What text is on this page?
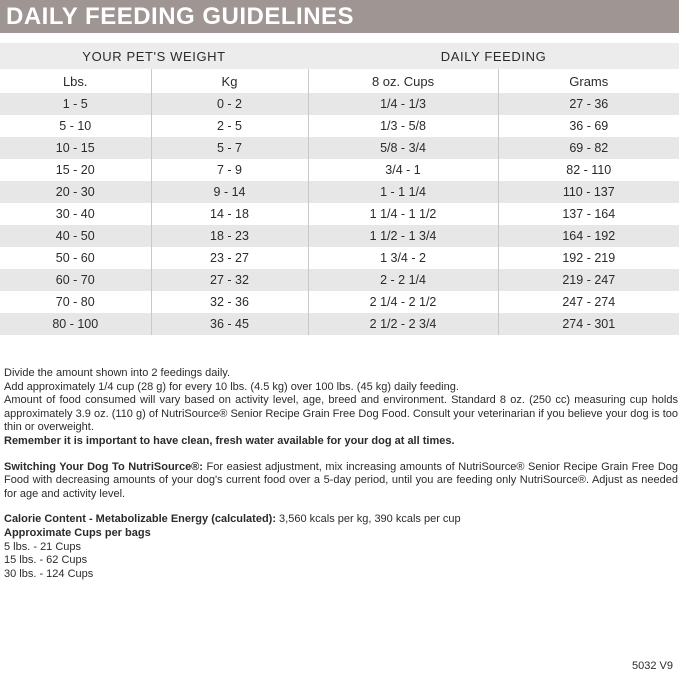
DAILY FEEDING GUIDELINES
YOUR PET'S WEIGHT		DAILY FEEDING	
Lbs.	Kg	8 oz. Cups	Grams
1 - 5	0 - 2	1/4 - 1/3	27 - 36
5 - 10	2 - 5	1/3 - 5/8	36 - 69
10 - 15	5 - 7	5/8 - 3/4	69 - 82
15 - 20	7 - 9	3/4 - 1	82 - 110
20 - 30	9 - 14	1 - 1 1/4	110 - 137
30 - 40	14 - 18	1 1/4 - 1 1/2	137 - 164
40 - 50	18 - 23	1 1/2 - 1 3/4	164 - 192
50 - 60	23 - 27	1 3/4 - 2	192 - 219
60 - 70	27 - 32	2 - 2 1/4	219 - 247
70 - 80	32 - 36	2 1/4 - 2 1/2	247 - 274
80 - 100	36 - 45	2 1/2 - 2 3/4	274 - 301

Divide the amount shown into 2 feedings daily.

Add approximately 1/4 cup (28 g) for every 10 lbs. (4.5 kg) over 100 lbs. (45 kg) daily feeding.

Amount of food consumed will vary based on activity level, age, breed and environment. Standard 8 oz. (250 cc) measuring cup holds approximately 3.9 oz. (110 g) of NutriSource® Senior Recipe Grain Free Dog Food. Consult your veterinarian if you believe your dog is too thin or overweight.

Remember it is important to have clean, fresh water available for your dog at all times.

Switching Your Dog To NutriSource®: For easiest adjustment, mix increasing amounts of NutriSource® Senior Recipe Grain Free Dog Food with decreasing amounts of your dog's current food over a 5-day period, until you are feeding only NutriSource®. Adjust as needed for age and activity level.

Calorie Content - Metabolizable Energy (calculated): 3,560 kcals per kg, 390 kcals per cup

Approximate Cups per bags

5 lbs. - 21 Cups

15 lbs. - 62 Cups

30 lbs. - 124 Cups

5032 V9
